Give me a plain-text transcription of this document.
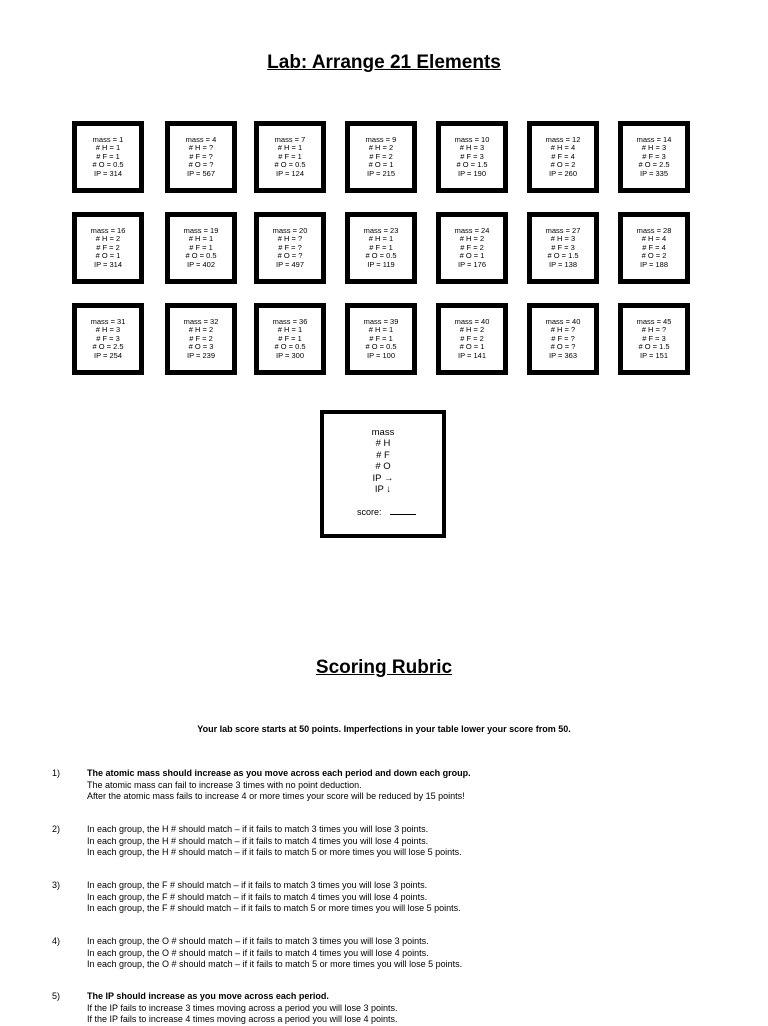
Lab: Arrange 21 Elements
mass = 1
# H = 1
# F = 1
# O = 0.5
IP = 314
mass = 4
# H = ?
# F = ?
# O = ?
IP = 567
mass = 7
# H = 1
# F = 1
# O = 0.5
IP = 124
mass = 9
# H = 2
# F = 2
# O = 1
IP = 215
mass = 10
# H = 3
# F = 3
# O = 1.5
IP = 190
mass = 12
# H = 4
# F = 4
# O = 2
IP = 260
mass = 14
# H = 3
# F = 3
# O = 2.5
IP = 335
mass = 16
# H = 2
# F = 2
# O = 1
IP = 314
mass = 19
# H = 1
# F = 1
# O = 0.5
IP = 402
mass = 20
# H = ?
# F = ?
# O = ?
IP = 497
mass = 23
# H = 1
# F = 1
# O = 0.5
IP = 119
mass = 24
# H = 2
# F = 2
# O = 1
IP = 176
mass = 27
# H = 3
# F = 3
# O = 1.5
IP = 138
mass = 28
# H = 4
# F = 4
# O = 2
IP = 188
mass = 31
# H = 3
# F = 3
# O = 2.5
IP = 254
mass = 32
# H = 2
# F = 2
# O = 3
IP = 239
mass = 36
# H = 1
# F = 1
# O = 0.5
IP = 300
mass = 39
# H = 1
# F = 1
# O = 0.5
IP = 100
mass = 40
# H = 2
# F = 2
# O = 1
IP = 141
mass = 40
# H = ?
# F = ?
# O = ?
IP = 363
mass = 45
# H = ?
# F = 3
# O = 1.5
IP = 151
mass
# H
# F
# O
IP →
IP ↓
score:
Scoring Rubric
Your lab score starts at 50 points. Imperfections in your table lower your score from 50.
1)	The atomic mass should increase as you move across each period and down each group.
The atomic mass can fail to increase 3 times with no point deduction.
After the atomic mass fails to increase 4 or more times your score will be reduced by 15 points!
2)	In each group, the H # should match – if it fails to match 3 times you will lose 3 points.
In each group, the H # should match – if it fails to match 4 times you will lose 4 points.
In each group, the H # should match – if it fails to match 5 or more times you will lose 5 points.
3)	In each group, the F # should match – if it fails to match 3 times you will lose 3 points.
In each group, the F # should match – if it fails to match 4 times you will lose 4 points.
In each group, the F # should match – if it fails to match 5 or more times you will lose 5 points.
4)	In each group, the O # should match – if it fails to match 3 times you will lose 3 points.
In each group, the O # should match – if it fails to match 4 times you will lose 4 points.
In each group, the O # should match – if it fails to match 5 or more times you will lose 5 points.
5)	The IP should increase as you move across each period.
If the IP fails to increase 3 times moving across a period you will lose 3 points.
If the IP fails to increase 4 times moving across a period you will lose 4 points.
